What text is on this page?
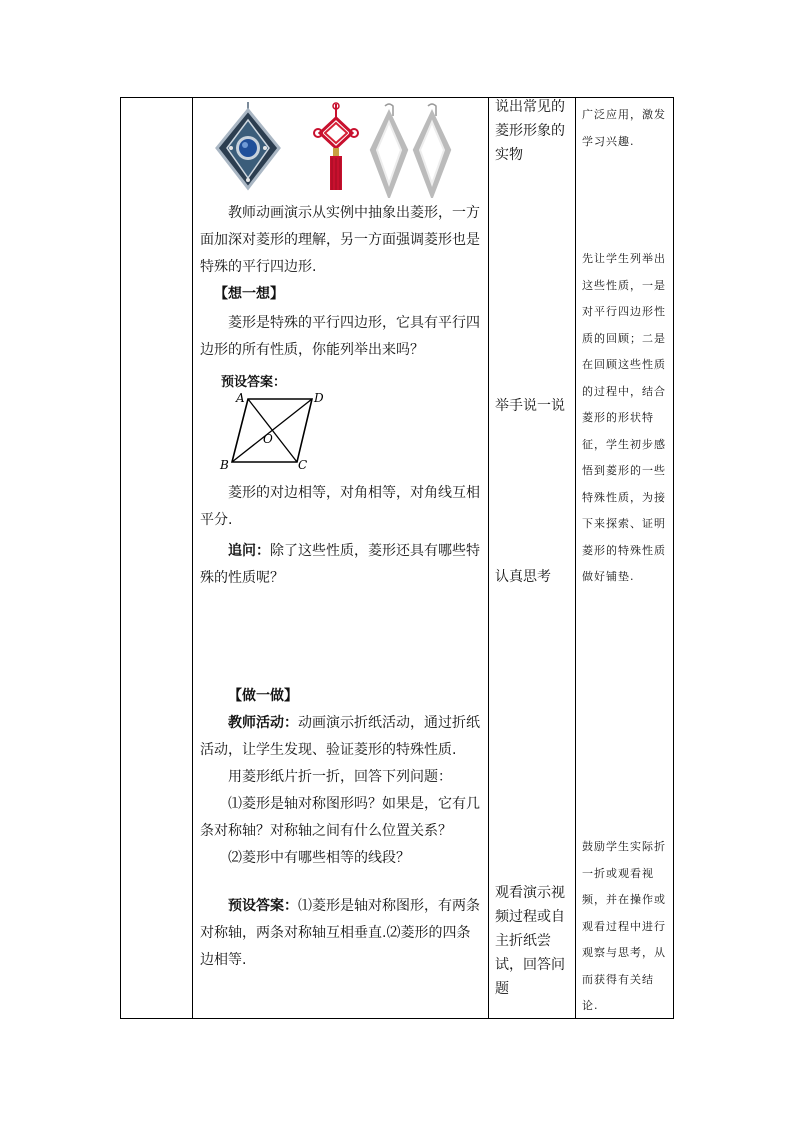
教师动画演示从实例中抽象出菱形，一方面加深对菱形的理解，另一方面强调菱形也是特殊的平行四边形.

【想一想】

菱形是特殊的平行四边形，它具有平行四边形的所有性质，你能列举出来吗？

预设答案：
A	D
B	C
O

菱形的对边相等，对角相等，对角线互相平分.

追问：除了这些性质，菱形还具有哪些特殊的性质呢？

【做一做】

教师活动：动画演示折纸活动，通过折纸活动，让学生发现、验证菱形的特殊性质.

用菱形纸片折一折，回答下列问题：

⑴菱形是轴对称图形吗？如果是，它有几条对称轴？对称轴之间有什么位置关系？

⑵菱形中有哪些相等的线段？

预设答案：⑴菱形是轴对称图形，有两条对称轴，两条对称轴互相垂直.⑵菱形的四条边相等.

说出常见的菱形形象的实物
举手说一说
认真思考
观看演示视频过程或自主折纸尝试，回答问题
广泛应用，激发学习兴趣.
先让学生列举出这些性质，一是对平行四边形性质的回顾；二是在回顾这些性质的过程中，结合菱形的形状特征，学生初步感悟到菱形的一些特殊性质，为接下来探索、证明菱形的特殊性质做好铺垫.
鼓励学生实际折一折或观看视频，并在操作或观看过程中进行观察与思考，从而获得有关结论.
